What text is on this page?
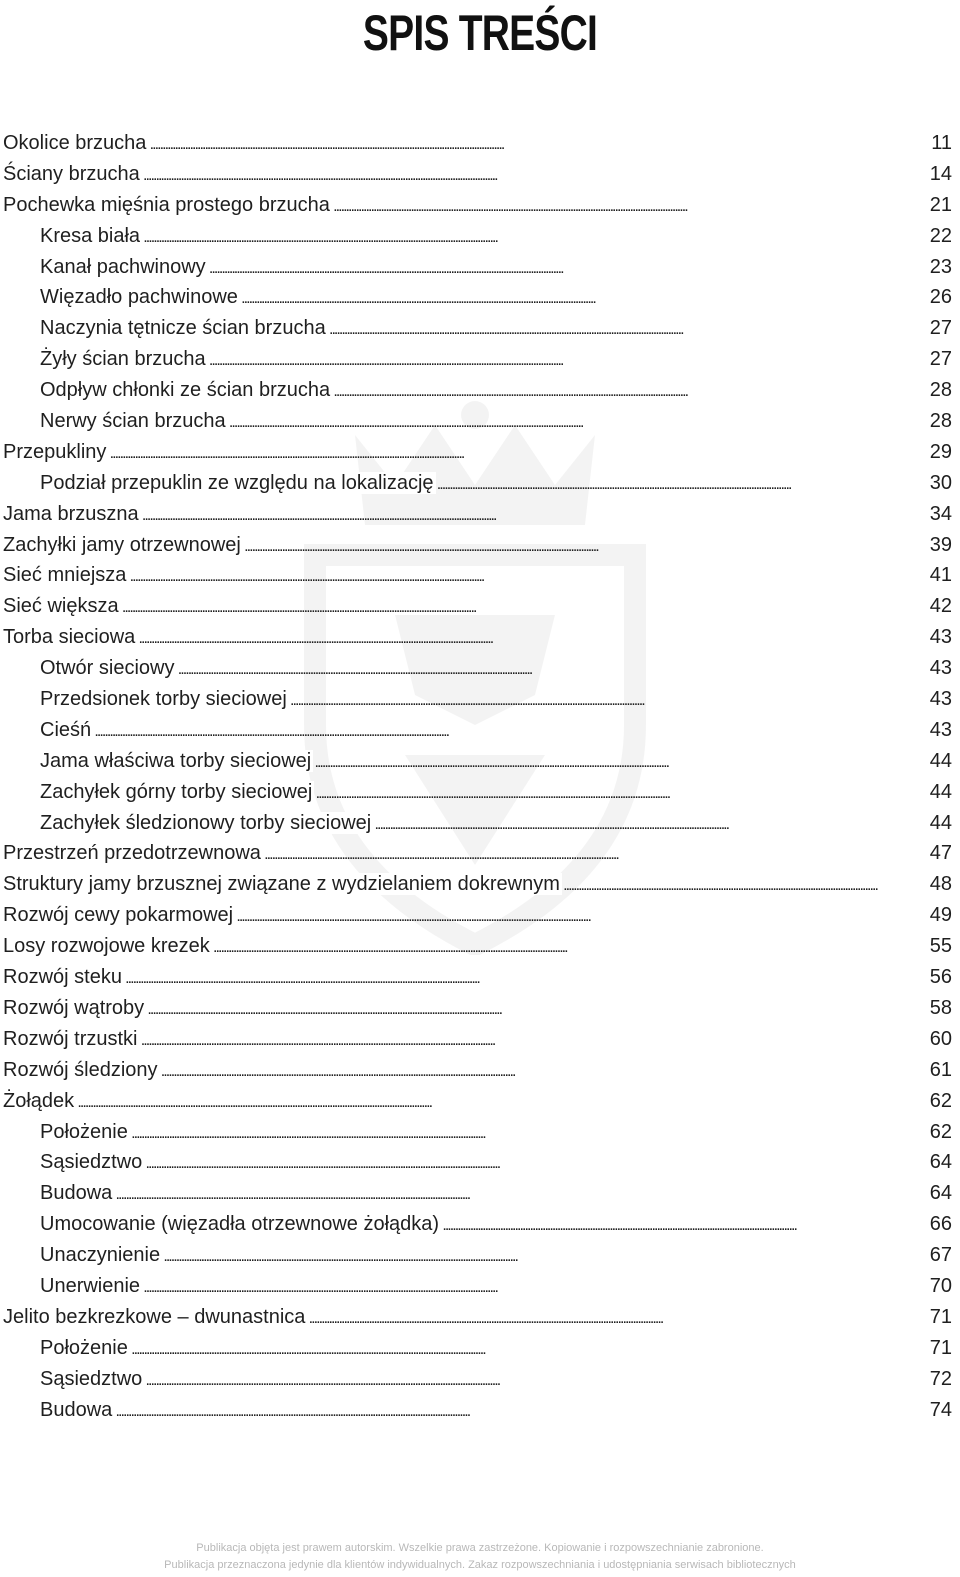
SPIS TREŚCI
Okolice brzucha . . .	11
Ściany brzucha . . .	14
Pochewka mięśnia prostego brzucha . . .	21
Kresa biała . . .	22
Kanał pachwinowy . . .	23
Więzadło pachwinowe . . .	26
Naczynia tętnicze ścian brzucha . . .	27
Żyły ścian brzucha . . .	27
Odpływ chłonki ze ścian brzucha . . .	28
Nerwy ścian brzucha . . .	28
Przepukliny . . .	29
Podział przepuklin ze względu na lokalizację . . .	30
Jama brzuszna . . .	34
Zachyłki jamy otrzewnowej . . .	39
Sieć mniejsza . . .	41
Sieć większa . . .	42
Torba sieciowa . . .	43
Otwór sieciowy . . .	43
Przedsionek torby sieciowej . . .	43
Cieśń . . .	43
Jama właściwa torby sieciowej . . .	44
Zachyłek górny torby sieciowej . . .	44
Zachyłek śledzionowy torby sieciowej . . .	44
Przestrzeń przedotrzewnowa . . .	47
Struktury jamy brzusznej związane z wydzielaniem dokrewnym . . .	48
Rozwój cewy pokarmowej . . .	49
Losy rozwojowe krezek . . .	55
Rozwój steku . . .	56
Rozwój wątroby . . .	58
Rozwój trzustki . . .	60
Rozwój śledziony . . .	61
Żołądek . . .	62
Położenie . . .	62
Sąsiedztwo . . .	64
Budowa . . .	64
Umocowanie (więzadła otrzewnowe żołądka) . . .	66
Unaczynienie . . .	67
Unerwienie . . .	70
Jelito bezkrezkowe – dwunastnica . . .	71
Położenie . . .	71
Sąsiedztwo . . .	72
Budowa . . .	74
Publikacja objęta jest prawem autorskim. Wszelkie prawa zastrzeżone. Kopiowanie i rozpowszechnianie zabronione.
Publikacja przeznaczona jedynie dla klientów indywidualnych. Zakaz rozpowszechniania i udostępniania serwisach bibliotecznych
